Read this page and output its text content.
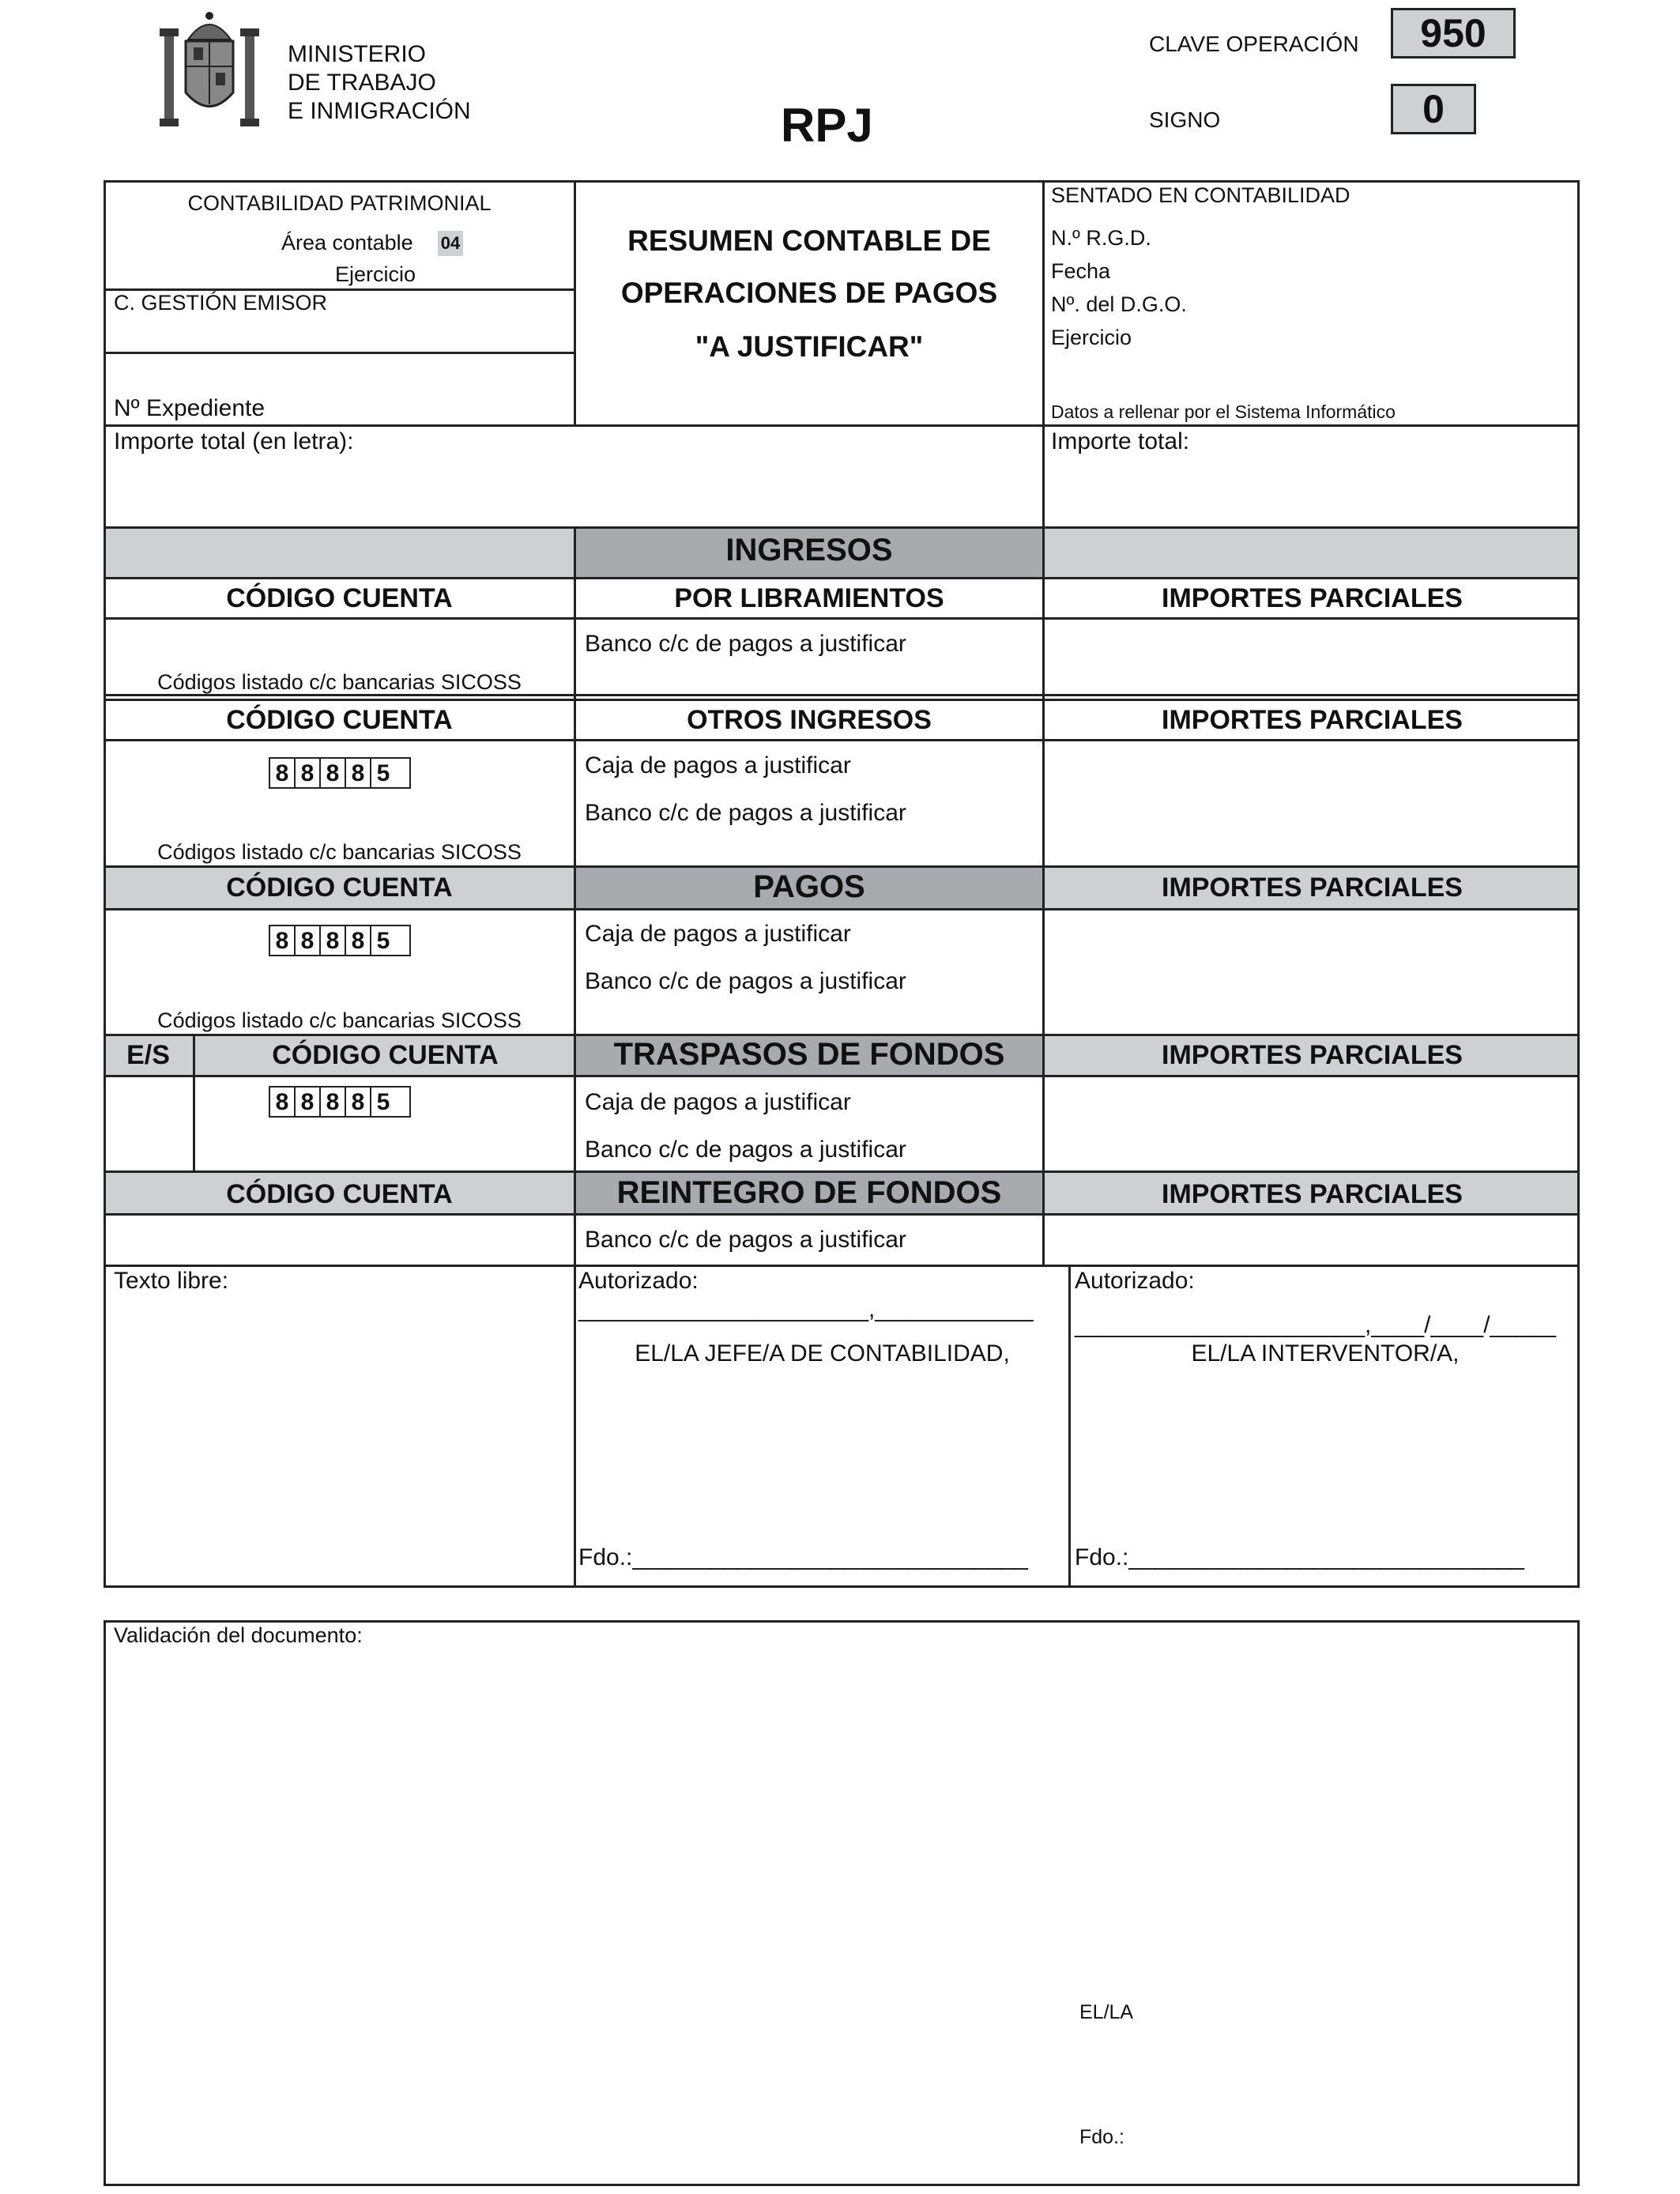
MINISTERIO
DE TRABAJO
E INMIGRACIÓN	RPJ
CLAVE OPERACIÓN	950
SIGNO	0
CONTABILIDAD PATRIMONIAL
Área contable 04
Ejercicio
C. GESTIÓN EMISOR
Nº Expediente
RESUMEN CONTABLE DE
OPERACIONES DE PAGOS
"A JUSTIFICAR"
SENTADO EN CONTABILIDAD
N.º R.G.D.
Fecha
Nº. del D.G.O.
Ejercicio
Datos a rellenar por el Sistema Informático
Importe total (en letra):	Importe total:
INGRESOS
CÓDIGO CUENTA	POR LIBRAMIENTOS	IMPORTES PARCIALES
Banco c/c de pagos a justificar
Códigos listado c/c bancarias SICOSS
CÓDIGO CUENTA	OTROS INGRESOS	IMPORTES PARCIALES
8 8 8 8 5	Caja de pagos a justificar
Banco c/c de pagos a justificar
Códigos listado c/c bancarias SICOSS
CÓDIGO CUENTA	PAGOS	IMPORTES PARCIALES
8 8 8 8 5	Caja de pagos a justificar
Banco c/c de pagos a justificar
Códigos listado c/c bancarias SICOSS
E/S	CÓDIGO CUENTA	TRASPASOS DE FONDOS	IMPORTES PARCIALES
8 8 8 8 5	Caja de pagos a justificar
Banco c/c de pagos a justificar
CÓDIGO CUENTA	REINTEGRO DE FONDOS	IMPORTES PARCIALES
Banco c/c de pagos a justificar
Texto libre:	Autorizado:
______________________,____________
EL/LA JEFE/A DE CONTABILIDAD,
Fdo.:______________________________
Autorizado:
______________________,____/____/_____
EL/LA INTERVENTOR/A,
Fdo.:______________________________
Validación del documento:
EL/LA
Fdo.:
